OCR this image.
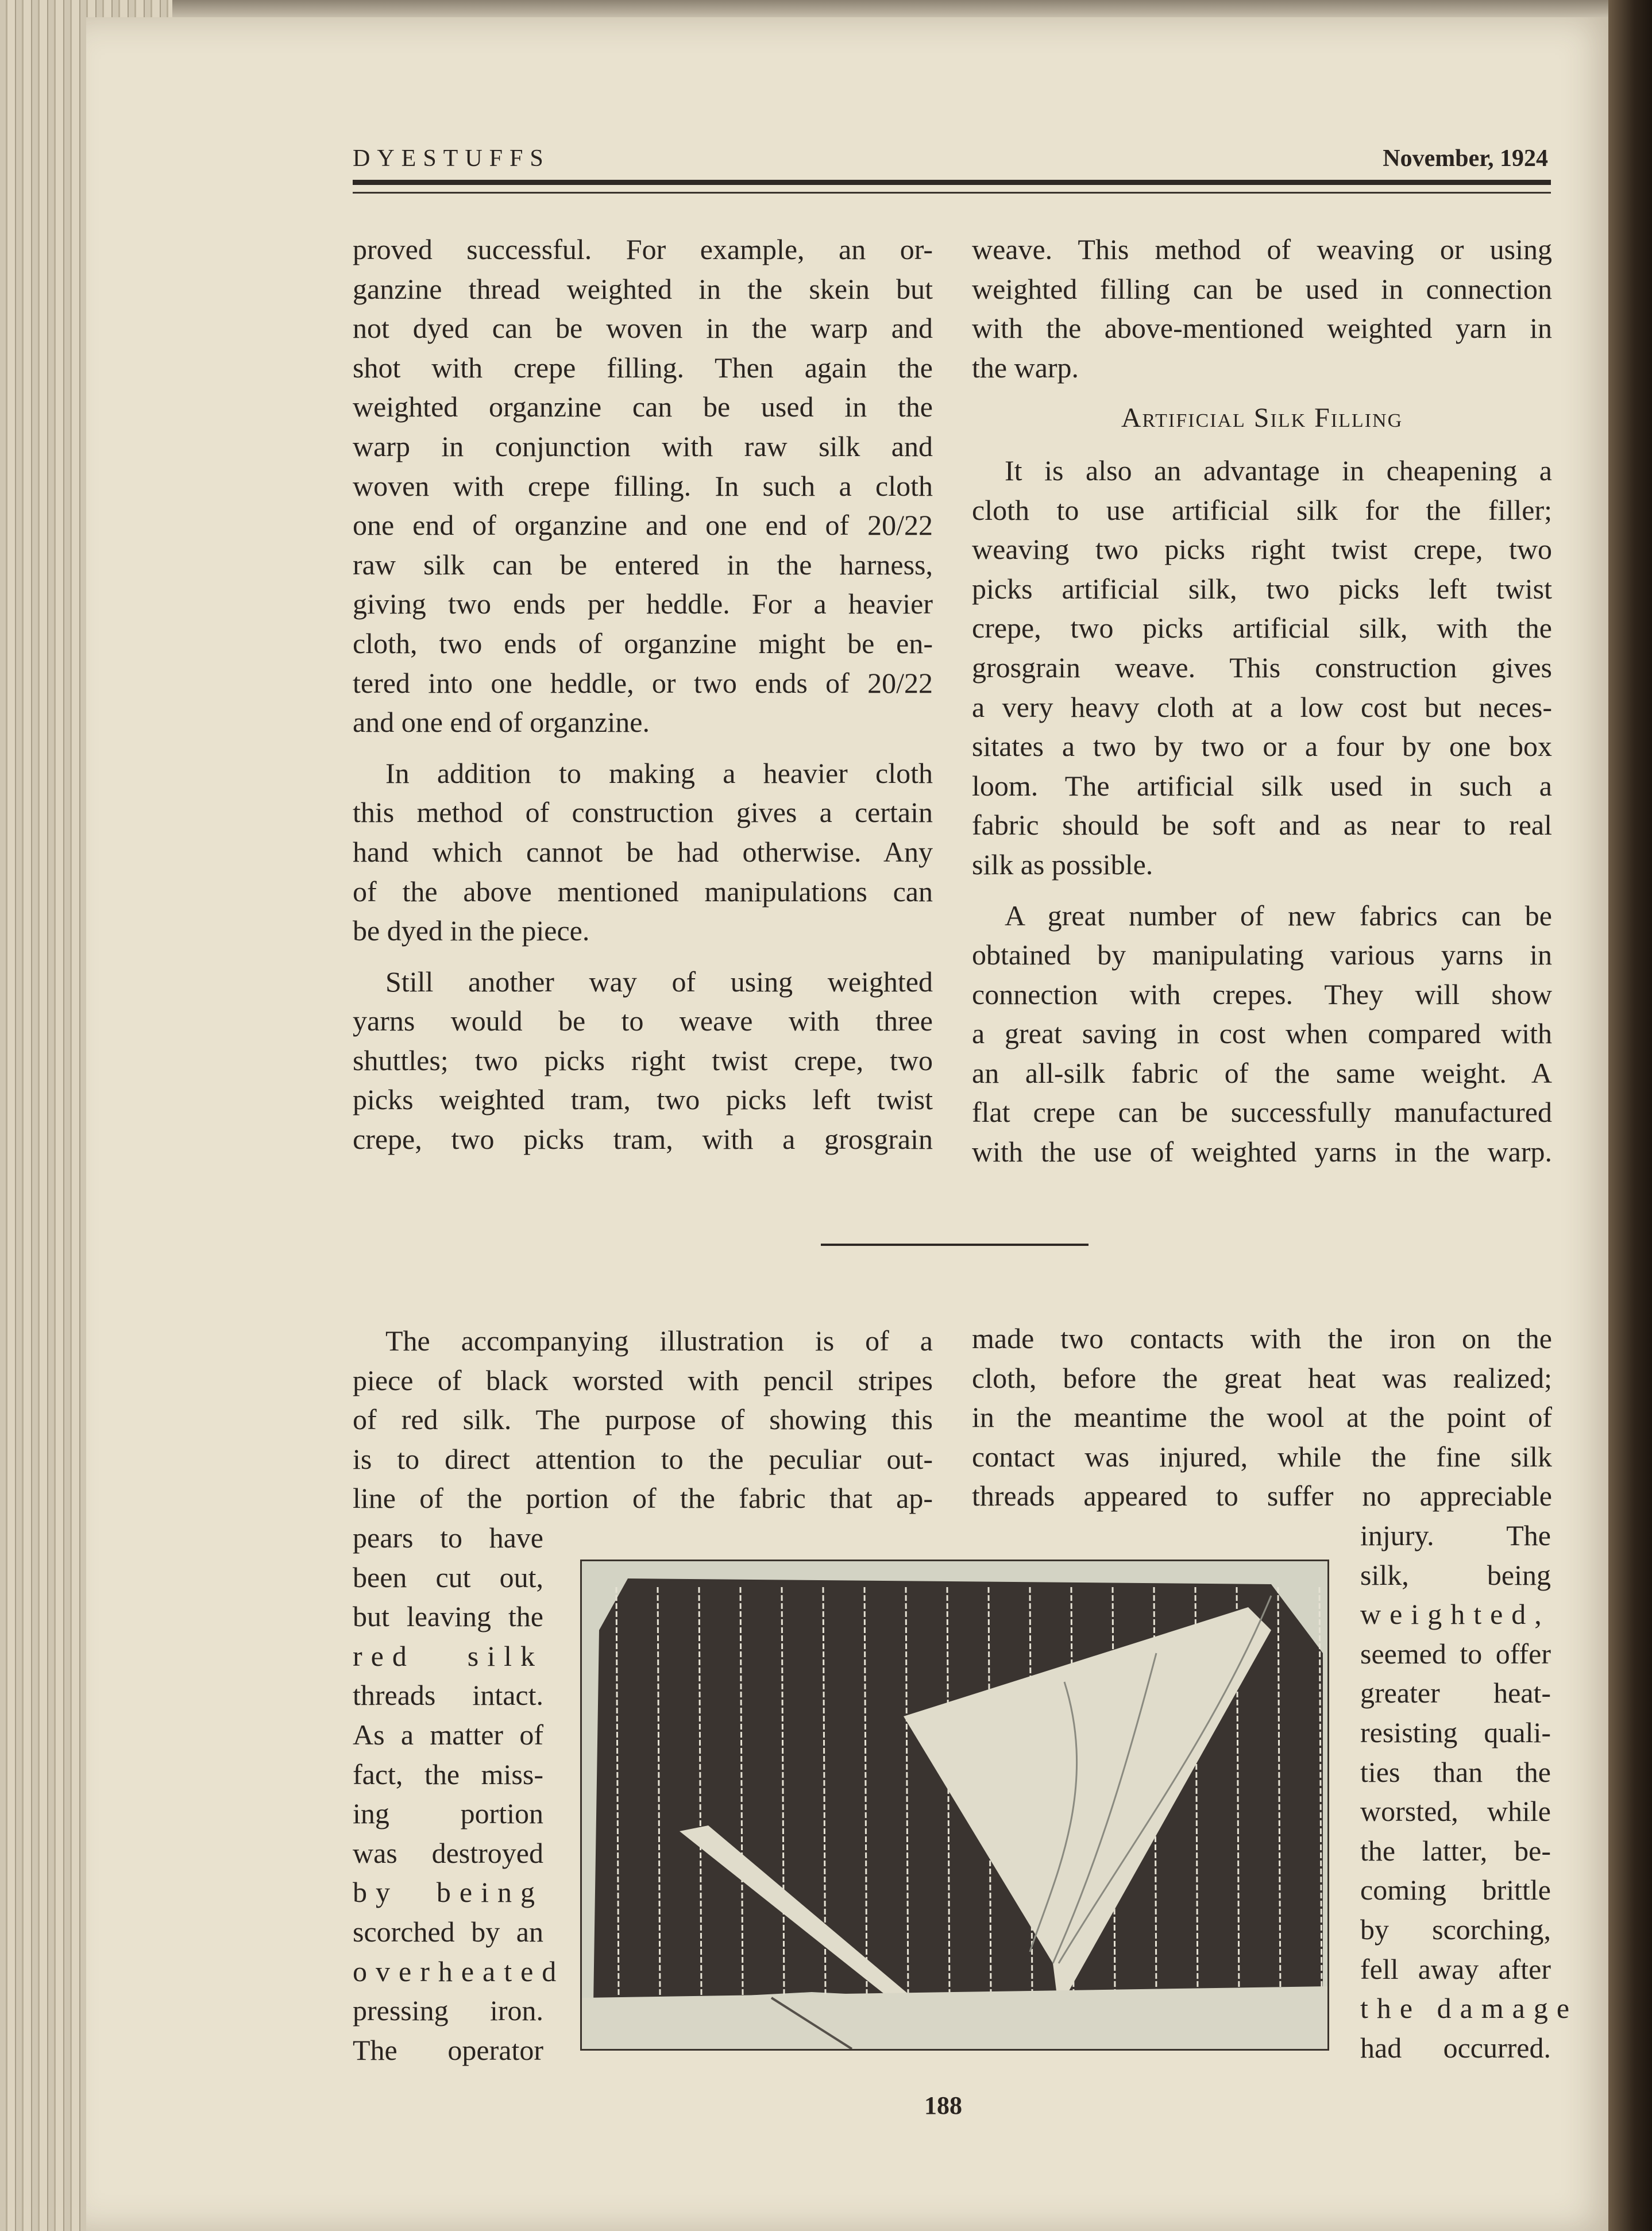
DYESTUFFS	November, 1924
proved successful. For example, an or-
ganzine thread weighted in the skein but
not dyed can be woven in the warp and
shot with crepe filling. Then again the
weighted organzine can be used in the
warp in conjunction with raw silk and
woven with crepe filling. In such a cloth
one end of organzine and one end of 20/22
raw silk can be entered in the harness,
giving two ends per heddle. For a heavier
cloth, two ends of organzine might be en-
tered into one heddle, or two ends of 20/22
and one end of organzine.
In addition to making a heavier cloth
this method of construction gives a certain
hand which cannot be had otherwise. Any
of the above mentioned manipulations can
be dyed in the piece.
Still another way of using weighted
yarns would be to weave with three
shuttles; two picks right twist crepe, two
picks weighted tram, two picks left twist
crepe, two picks tram, with a grosgrain
weave. This method of weaving or using
weighted filling can be used in connection
with the above-mentioned weighted yarn in
the warp.
Artificial Silk Filling
It is also an advantage in cheapening a
cloth to use artificial silk for the filler;
weaving two picks right twist crepe, two
picks artificial silk, two picks left twist
crepe, two picks artificial silk, with the
grosgrain weave. This construction gives
a very heavy cloth at a low cost but neces-
sitates a two by two or a four by one box
loom. The artificial silk used in such a
fabric should be soft and as near to real
silk as possible.
A great number of new fabrics can be
obtained by manipulating various yarns in
connection with crepes. They will show
a great saving in cost when compared with
an all-silk fabric of the same weight. A
flat crepe can be successfully manufactured
with the use of weighted yarns in the warp.
The accompanying illustration is of a
piece of black worsted with pencil stripes
of red silk. The purpose of showing this
is to direct attention to the peculiar out-
line of the portion of the fabric that ap-
pears to have
been cut out,
but leaving the
red silk
threads intact.
As a matter of
fact, the miss-
ing portion
was destroyed
by being
scorched by an
overheated
pressing iron.
The operator
made two contacts with the iron on the
cloth, before the great heat was realized;
in the meantime the wool at the point of
contact was injured, while the fine silk
threads appeared to suffer no appreciable
injury. The
silk, being
weighted,
seemed to offer
greater heat-
resisting quali-
ties than the
worsted, while
the latter, be-
coming brittle
by scorching,
fell away after
the damage
had occurred.
188
